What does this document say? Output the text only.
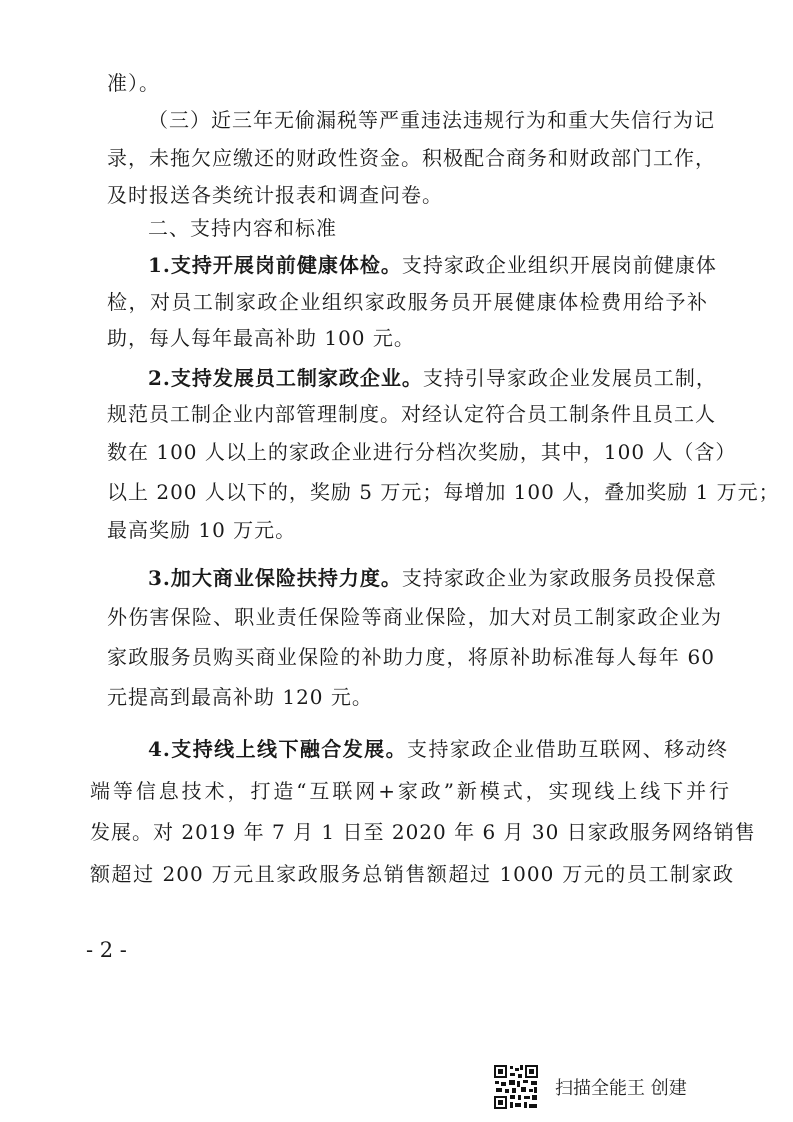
准）。
（三）近三年无偷漏税等严重违法违规行为和重大失信行为记
录，未拖欠应缴还的财政性资金。积极配合商务和财政部门工作，
及时报送各类统计报表和调查问卷。
二、支持内容和标准
1.支持开展岗前健康体检。支持家政企业组织开展岗前健康体
检，对员工制家政企业组织家政服务员开展健康体检费用给予补
助，每人每年最高补助 100 元。
2.支持发展员工制家政企业。支持引导家政企业发展员工制，
规范员工制企业内部管理制度。对经认定符合员工制条件且员工人
数在 100 人以上的家政企业进行分档次奖励，其中，100 人（含）
以上 200 人以下的，奖励 5 万元；每增加 100 人，叠加奖励 1 万元；
最高奖励 10 万元。
3.加大商业保险扶持力度。支持家政企业为家政服务员投保意
外伤害保险、职业责任保险等商业保险，加大对员工制家政企业为
家政服务员购买商业保险的补助力度，将原补助标准每人每年 60
元提高到最高补助 120 元。
4.支持线上线下融合发展。支持家政企业借助互联网、移动终
端等信息技术，打造“互联网+家政”新模式，实现线上线下并行
发展。对 2019 年 7 月 1 日至 2020 年 6 月 30 日家政服务网络销售
额超过 200 万元且家政服务总销售额超过 1000 万元的员工制家政
- 2 -
扫描全能王 创建
